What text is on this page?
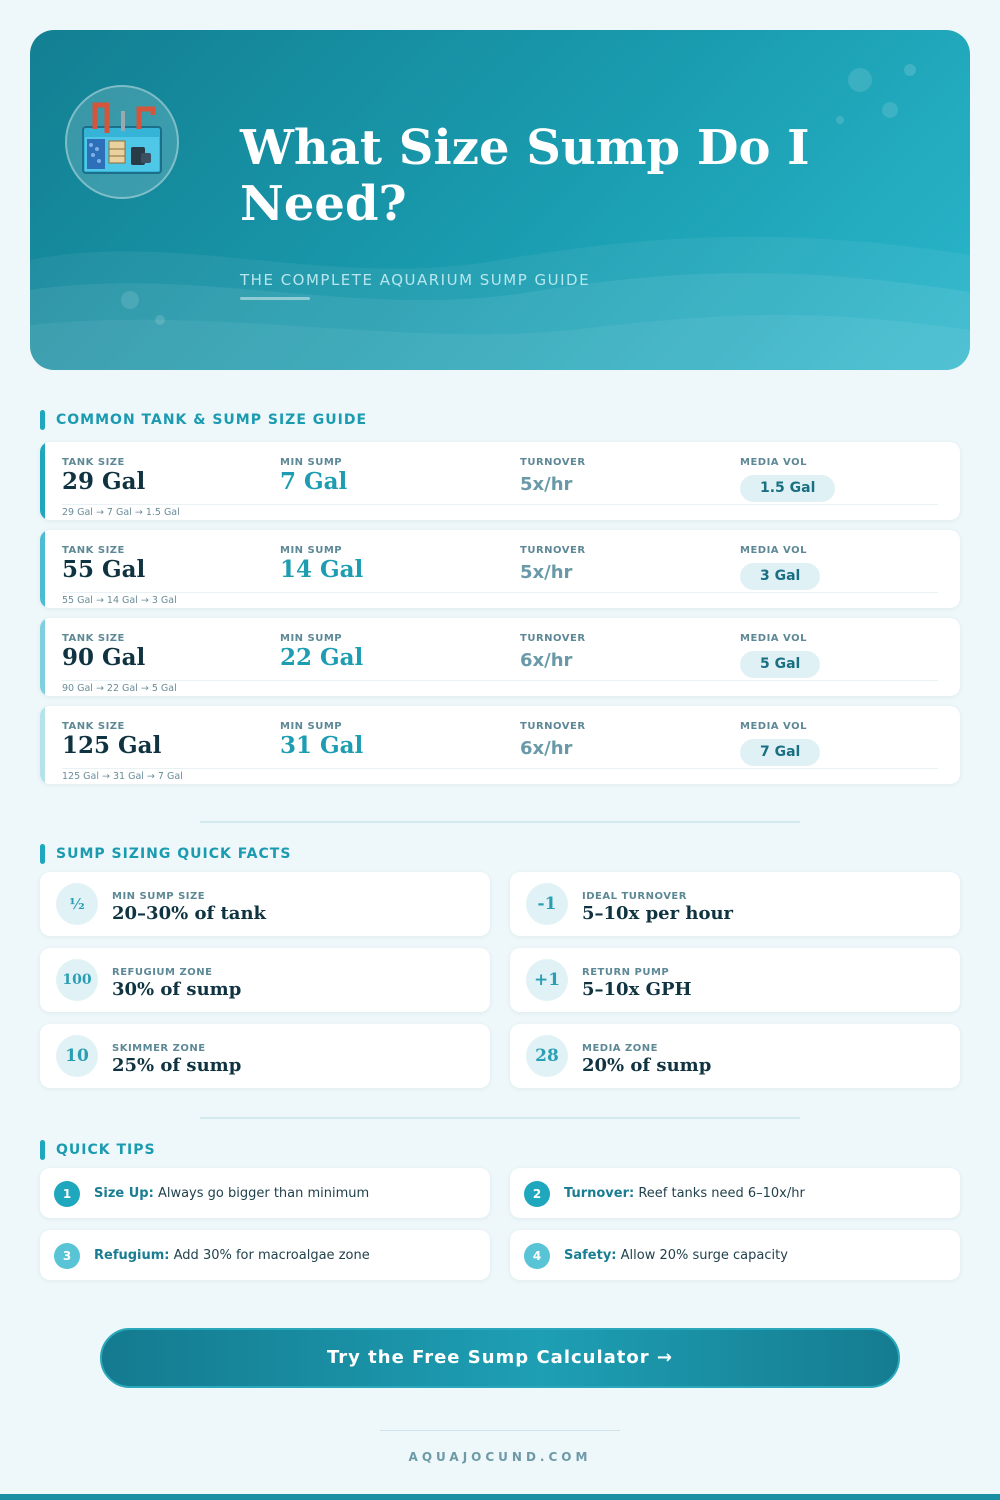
What Size Sump Do I Need?
THE COMPLETE AQUARIUM SUMP GUIDE
COMMON TANK & SUMP SIZE GUIDE
TANK SIZE	MIN SUMP	TURNOVER	MEDIA VOL
29 Gal	7 Gal	5x/hr	1.5 Gal
29 Gal → 7 Gal → 1.5 Gal
TANK SIZE	MIN SUMP	TURNOVER	MEDIA VOL
55 Gal	14 Gal	5x/hr	3 Gal
55 Gal → 14 Gal → 3 Gal
TANK SIZE	MIN SUMP	TURNOVER	MEDIA VOL
90 Gal	22 Gal	6x/hr	5 Gal
90 Gal → 22 Gal → 5 Gal
TANK SIZE	MIN SUMP	TURNOVER	MEDIA VOL
125 Gal	31 Gal	6x/hr	7 Gal
125 Gal → 31 Gal → 7 Gal
SUMP SIZING QUICK FACTS
½	MIN SUMP SIZE
20–30% of tank	-1	IDEAL TURNOVER
5–10x per hour
100	REFUGIUM ZONE
30% of sump	+1	RETURN PUMP
5–10x GPH
10	SKIMMER ZONE
25% of sump	28	MEDIA ZONE
20% of sump
QUICK TIPS
1	Size Up: Always go bigger than minimum	2	Turnover: Reef tanks need 6–10x/hr
3	Refugium: Add 30% for macroalgae zone	4	Safety: Allow 20% surge capacity
Try the Free Sump Calculator →
AQUAJOCUND.COM
